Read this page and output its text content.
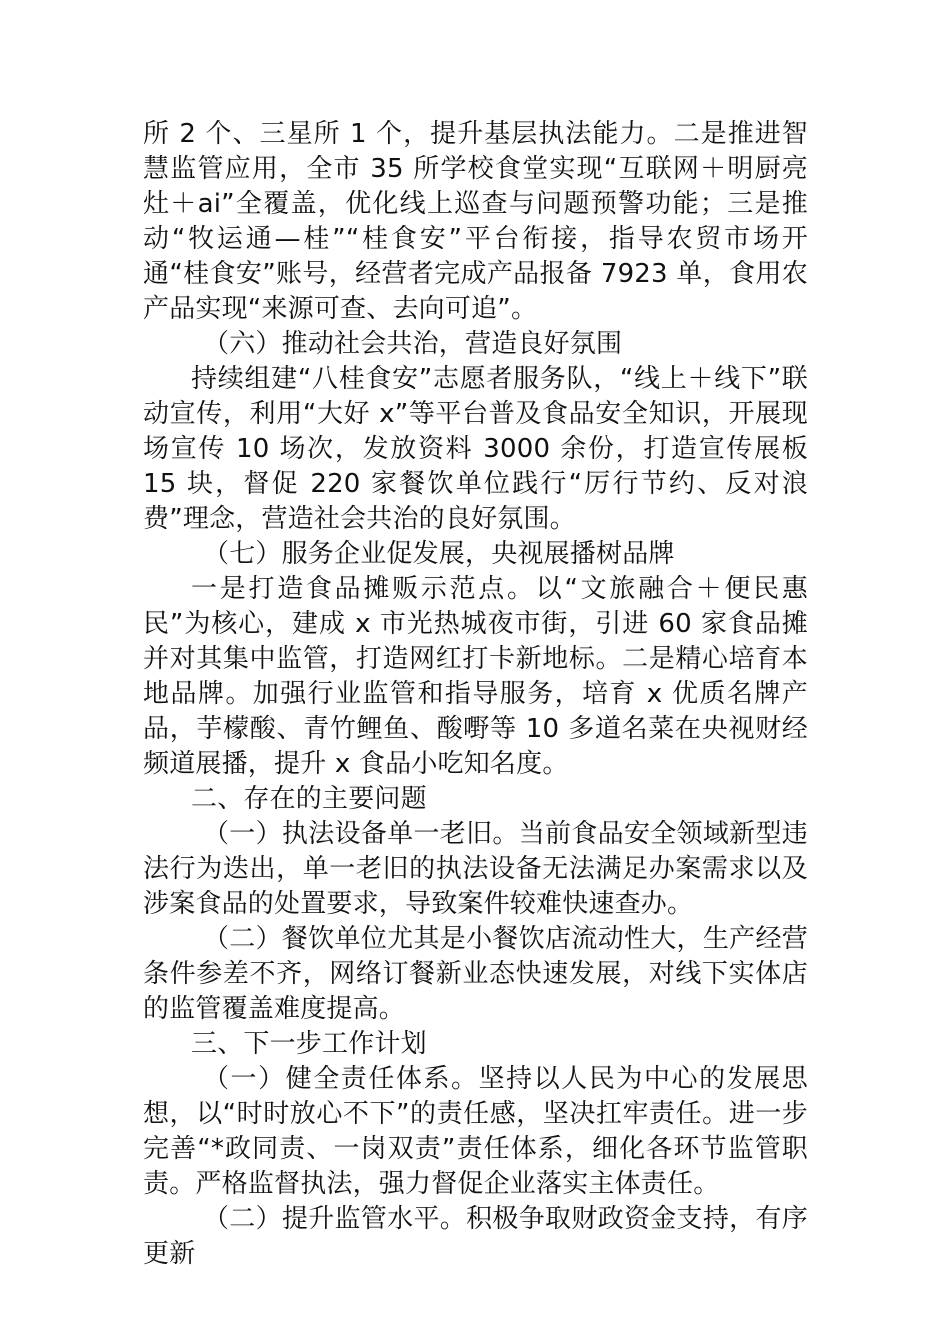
所 2 个、三星所 1 个，提升基层执法能力。二是推进智慧监管应用，全市 35 所学校食堂实现“互联网＋明厨亮灶＋ai”全覆盖，优化线上巡查与问题预警功能；三是推动“牧运通—桂”“桂食安”平台衔接，指导农贸市场开通“桂食安”账号，经营者完成产品报备 7923 单，食用农产品实现“来源可查、去向可追”。

（六）推动社会共治，营造良好氛围

持续组建“八桂食安”志愿者服务队，“线上＋线下”联动宣传，利用“大好 x”等平台普及食品安全知识，开展现场宣传 10 场次，发放资料 3000 余份，打造宣传展板 15 块，督促 220 家餐饮单位践行“厉行节约、反对浪费”理念，营造社会共治的良好氛围。

（七）服务企业促发展，央视展播树品牌

一是打造食品摊贩示范点。以“文旅融合＋便民惠民”为核心，建成 x 市光热城夜市街，引进 60 家食品摊并对其集中监管，打造网红打卡新地标。二是精心培育本地品牌。加强行业监管和指导服务，培育 x 优质名牌产品，芋檬酸、青竹鲤鱼、酸嘢等 10 多道名菜在央视财经频道展播，提升 x 食品小吃知名度。

二、存在的主要问题

（一）执法设备单一老旧。当前食品安全领域新型违法行为迭出，单一老旧的执法设备无法满足办案需求以及涉案食品的处置要求，导致案件较难快速查办。

（二）餐饮单位尤其是小餐饮店流动性大，生产经营条件参差不齐，网络订餐新业态快速发展，对线下实体店的监管覆盖难度提高。

三、下一步工作计划

（一）健全责任体系。坚持以人民为中心的发展思想，以“时时放心不下”的责任感，坚决扛牢责任。进一步完善“*政同责、一岗双责”责任体系，细化各环节监管职责。严格监督执法，强力督促企业落实主体责任。

（二）提升监管水平。积极争取财政资金支持，有序更新
